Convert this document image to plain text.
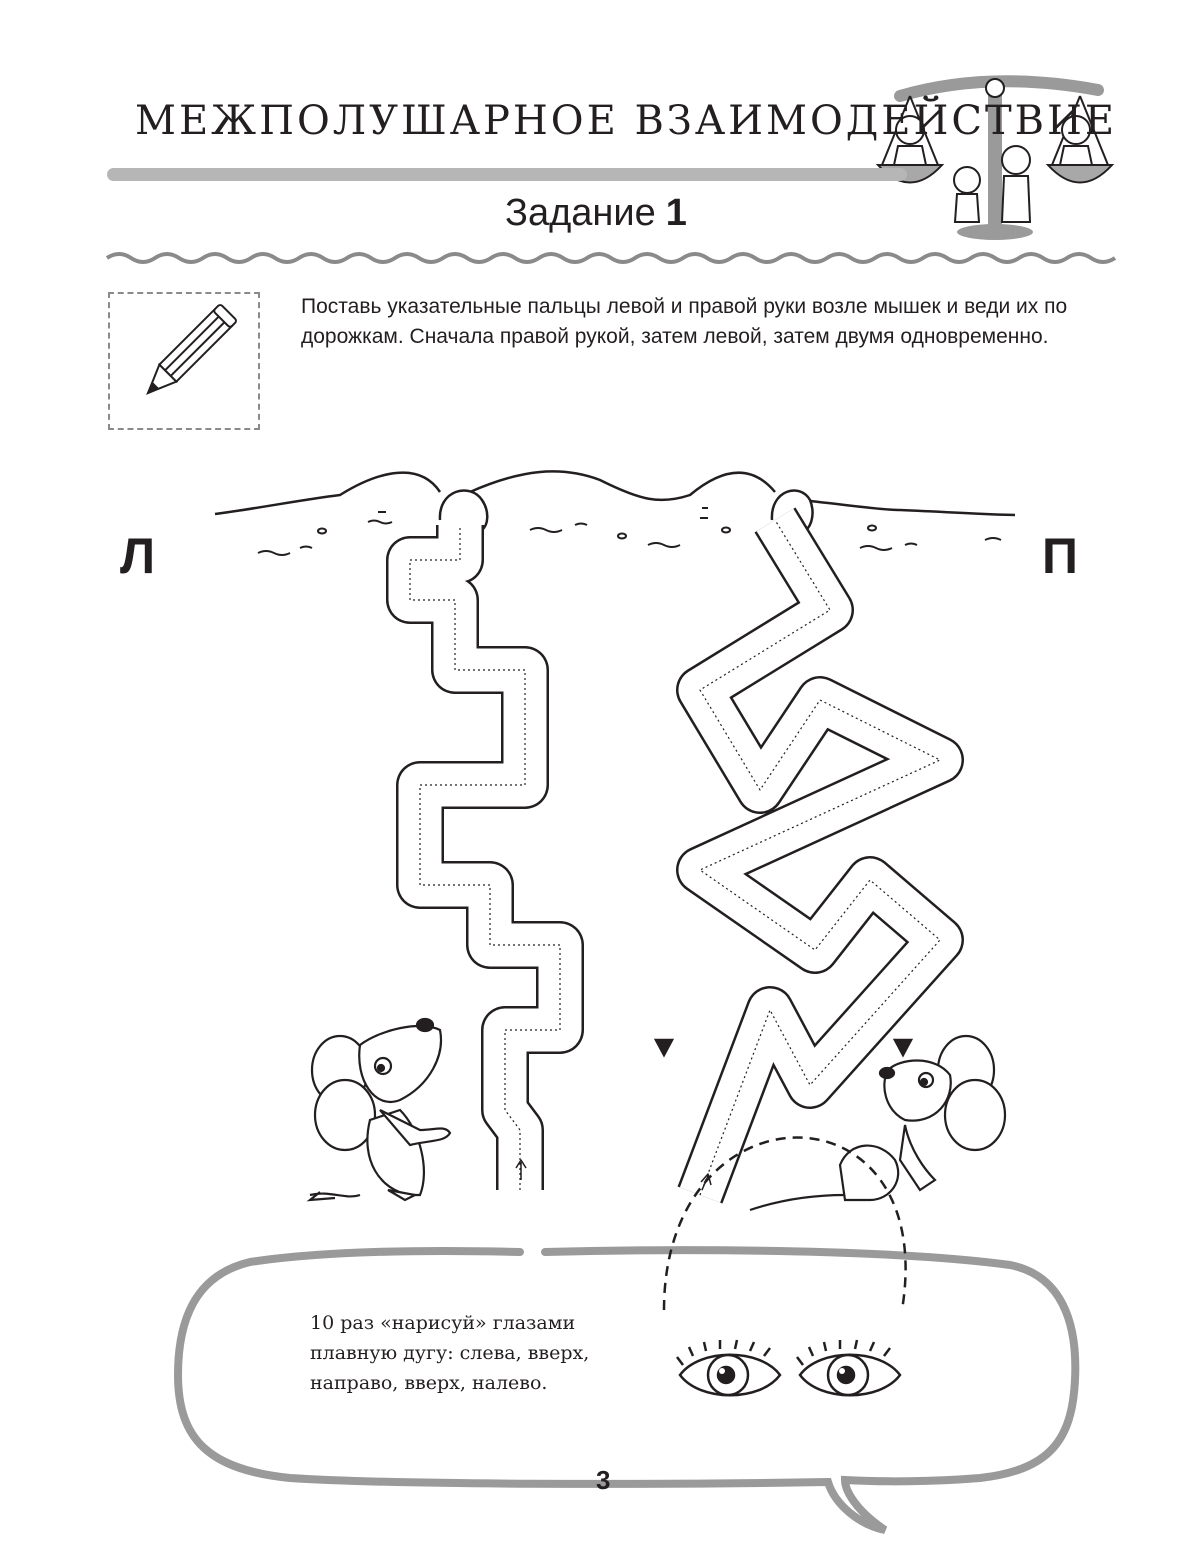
МЕЖПОЛУШАРНОЕ ВЗАИМОДЕЙСТВИЕ
Задание 1
Поставь указательные пальцы левой и правой руки возле мышек и веди их по дорожкам. Сначала правой рукой, затем левой, затем двумя одновременно.
Л	П
10 раз «нарисуй» глазами плавную дугу: слева, вверх, направо, вверх, налево.
3
